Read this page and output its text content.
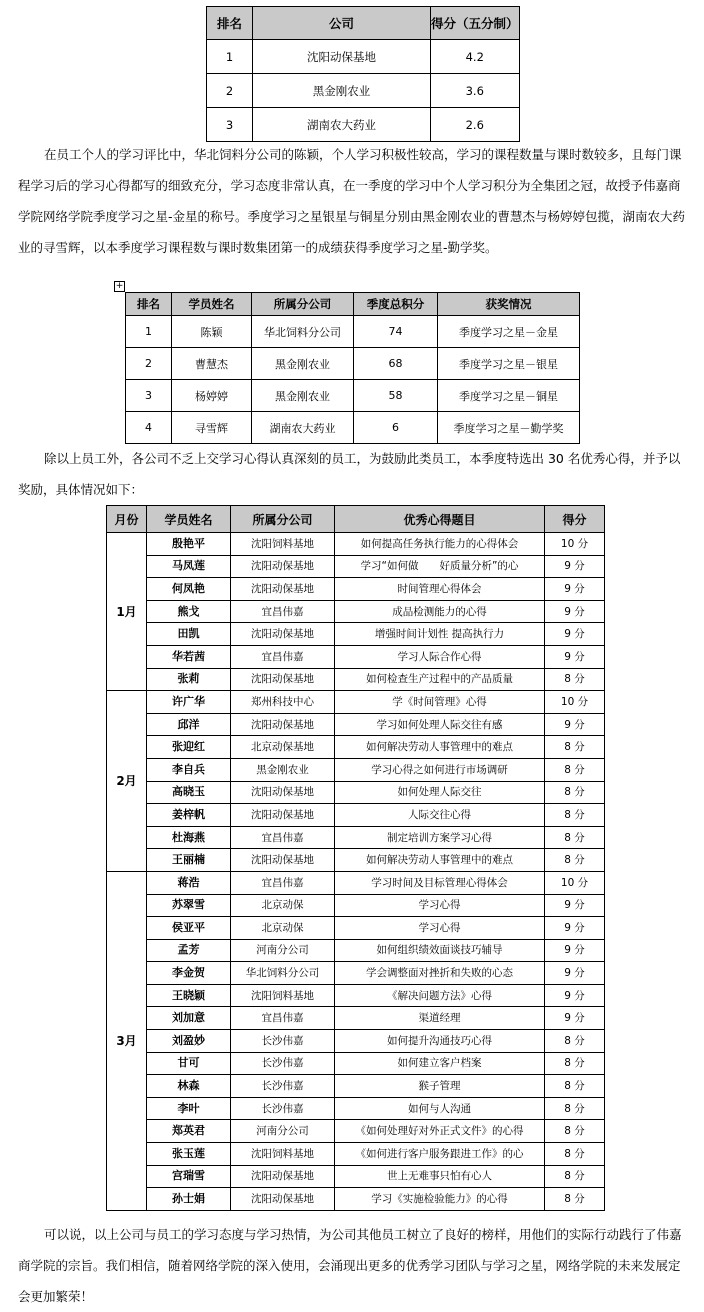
排名	公司	得分（五分制）
1	沈阳动保基地	4.2
2	黑金刚农业	3.6
3	湖南农大药业	2.6

在员工个人的学习评比中，华北饲料分公司的陈颖，个人学习积极性较高，学习的课程数量与课时数较多，且每门课程学习后的学习心得都写的细致充分，学习态度非常认真，在一季度的学习中个人学习积分为全集团之冠，故授予伟嘉商学院网络学院季度学习之星-金星的称号。季度学习之星银星与铜星分别由黑金刚农业的曹慧杰与杨婷婷包揽，湖南农大药业的寻雪辉，以本季度学习课程数与课时数集团第一的成绩获得季度学习之星-勤学奖。

+
排名	学员姓名	所属分公司	季度总积分	获奖情况
1	陈颖	华北饲料分公司	74	季度学习之星－金星
2	曹慧杰	黑金刚农业	68	季度学习之星－银星
3	杨婷婷	黑金刚农业	58	季度学习之星－铜星
4	寻雪辉	湖南农大药业	6	季度学习之星－勤学奖

除以上员工外，各公司不乏上交学习心得认真深刻的员工，为鼓励此类员工，本季度特选出 30 名优秀心得，并予以奖励，具体情况如下：

月份	学员姓名	所属分公司	优秀心得题目	得分
1月	殷艳平	沈阳饲料基地	如何提高任务执行能力的心得体会	10 分
	马凤莲	沈阳动保基地	学习“如何做　　好质量分析”的心	9 分
	何凤艳	沈阳动保基地	时间管理心得体会	9 分
	熊戈	宜昌伟嘉	成品检测能力的心得	9 分
	田凯	沈阳动保基地	增强时间计划性 提高执行力	9 分
	华若茜	宜昌伟嘉	学习人际合作心得	9 分
	张莉	沈阳动保基地	如何检查生产过程中的产品质量	8 分
2月	许广华	郑州科技中心	学《时间管理》心得	10 分
	邱洋	沈阳动保基地	学习如何处理人际交往有感	9 分
	张迎红	北京动保基地	如何解决劳动人事管理中的难点	8 分
	李自兵	黑金刚农业	学习心得之如何进行市场调研	8 分
	高晓玉	沈阳动保基地	如何处理人际交往	8 分
	姜梓帆	沈阳动保基地	人际交往心得	8 分
	杜海燕	宜昌伟嘉	制定培训方案学习心得	8 分
	王丽楠	沈阳动保基地	如何解决劳动人事管理中的难点	8 分
3月	蒋浩	宜昌伟嘉	学习时间及目标管理心得体会	10 分
	苏翠雪	北京动保	学习心得	9 分
	侯亚平	北京动保	学习心得	9 分
	孟芳	河南分公司	如何组织绩效面谈技巧辅导	9 分
	李金贺	华北饲料分公司	学会调整面对挫折和失败的心态	9 分
	王晓颖	沈阳饲料基地	《解决问题方法》心得	9 分
	刘加意	宜昌伟嘉	渠道经理	9 分
	刘盈妙	长沙伟嘉	如何提升沟通技巧心得	8 分
	甘可	长沙伟嘉	如何建立客户档案	8 分
	林森	长沙伟嘉	猴子管理	8 分
	李叶	长沙伟嘉	如何与人沟通	8 分
	郑英君	河南分公司	《如何处理好对外正式文件》的心得	8 分
	张玉莲	沈阳饲料基地	《如何进行客户服务跟进工作》的心	8 分
	宫瑞雪	沈阳动保基地	世上无难事只怕有心人	8 分
	孙士娟	沈阳动保基地	学习《实施检验能力》的心得	8 分

可以说，以上公司与员工的学习态度与学习热情，为公司其他员工树立了良好的榜样，用他们的实际行动践行了伟嘉商学院的宗旨。我们相信，随着网络学院的深入使用，会涌现出更多的优秀学习团队与学习之星，网络学院的未来发展定会更加繁荣！
